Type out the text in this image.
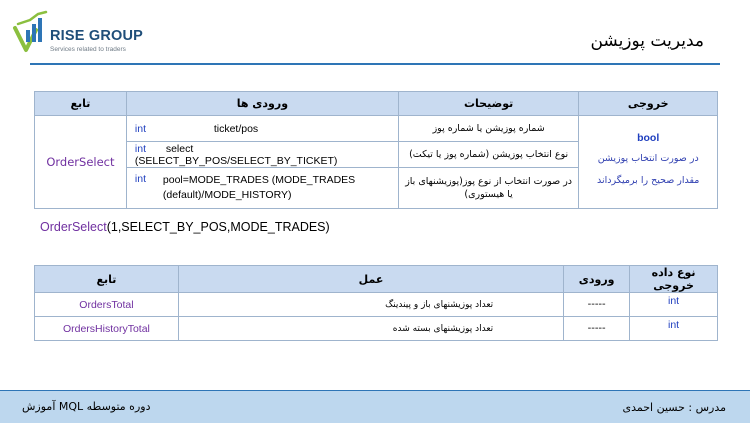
RISE GROUP
Services related to traders	مدیریت پوزیشن
تابع	ورودی ها	توضیحات	خروجی
OrderSelect	int ticket/pos	شماره پوزیشن یا شماره پوز	bool
در صورت انتخاب پوزیشن
مقدار صحیح را برمیگرداند

	int select (SELECT_BY_POS/SELECT_BY_TICKET)	نوع انتخاب پوزیشن (شماره پوز یا تیکت)	

	int pool=MODE_TRADES (MODE_TRADES (default)/MODE_HISTORY)	در صورت انتخاب از نوع پوز(پوزیشنهای باز یا هیستوری)	
OrderSelect(1,SELECT_BY_POS,MODE_TRADES)
تابع	عمل	ورودی	نوع داده خروجی
OrdersTotal	تعداد پوزیشنهای باز و پیندینگ	-----	int
OrdersHistoryTotal	تعداد پوزیشنهای بسته شده	-----	int
آموزش MQL دوره متوسطه	مدرس : حسین احمدی
